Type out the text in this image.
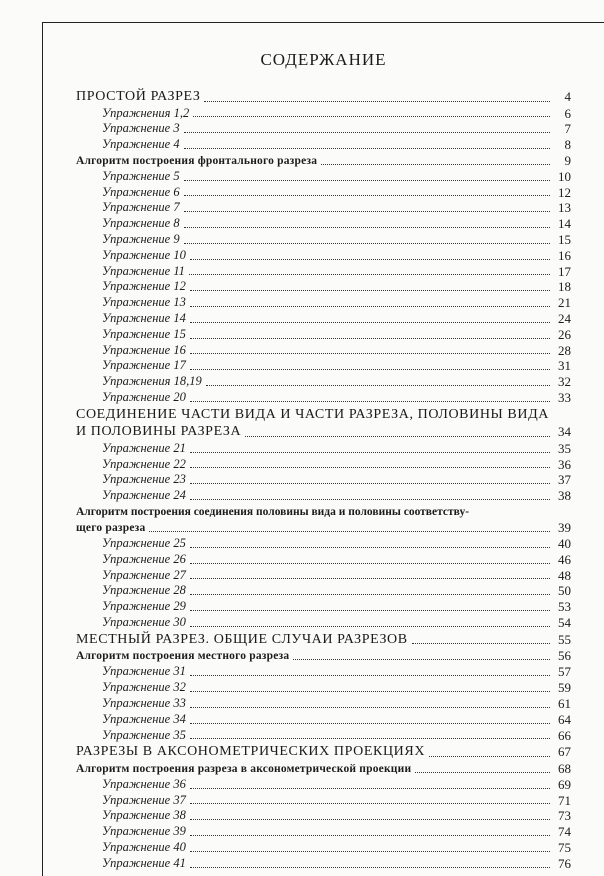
СОДЕРЖАНИЕ
ПРОСТОЙ РАЗРЕЗ	4
Упражнения 1,2	6
Упражнение 3	7
Упражнение 4	8
Алгоритм построения фронтального разреза	9
Упражнение 5	10
Упражнение 6	12
Упражнение 7	13
Упражнение 8	14
Упражнение 9	15
Упражнение 10	16
Упражнение 11	17
Упражнение 12	18
Упражнение 13	21
Упражнение 14	24
Упражнение 15	26
Упражнение 16	28
Упражнение 17	31
Упражнения 18,19	32
Упражнение 20	33
СОЕДИНЕНИЕ ЧАСТИ ВИДА И ЧАСТИ РАЗРЕЗА, ПОЛОВИНЫ ВИДА
И ПОЛОВИНЫ РАЗРЕЗА	34
Упражнение 21	35
Упражнение 22	36
Упражнение 23	37
Упражнение 24	38
Алгоритм построения соединения половины вида и половины соответству-
щего разреза	39
Упражнение 25	40
Упражнение 26	46
Упражнение 27	48
Упражнение 28	50
Упражнение 29	53
Упражнение 30	54
МЕСТНЫЙ РАЗРЕЗ. ОБЩИЕ СЛУЧАИ РАЗРЕЗОВ	55
Алгоритм построения местного разреза	56
Упражнение 31	57
Упражнение 32	59
Упражнение 33	61
Упражнение 34	64
Упражнение 35	66
РАЗРЕЗЫ В АКСОНОМЕТРИЧЕСКИХ ПРОЕКЦИЯХ	67
Алгоритм построения разреза в аксонометрической проекции	68
Упражнение 36	69
Упражнение 37	71
Упражнение 38	73
Упражнение 39	74
Упражнение 40	75
Упражнение 41	76
